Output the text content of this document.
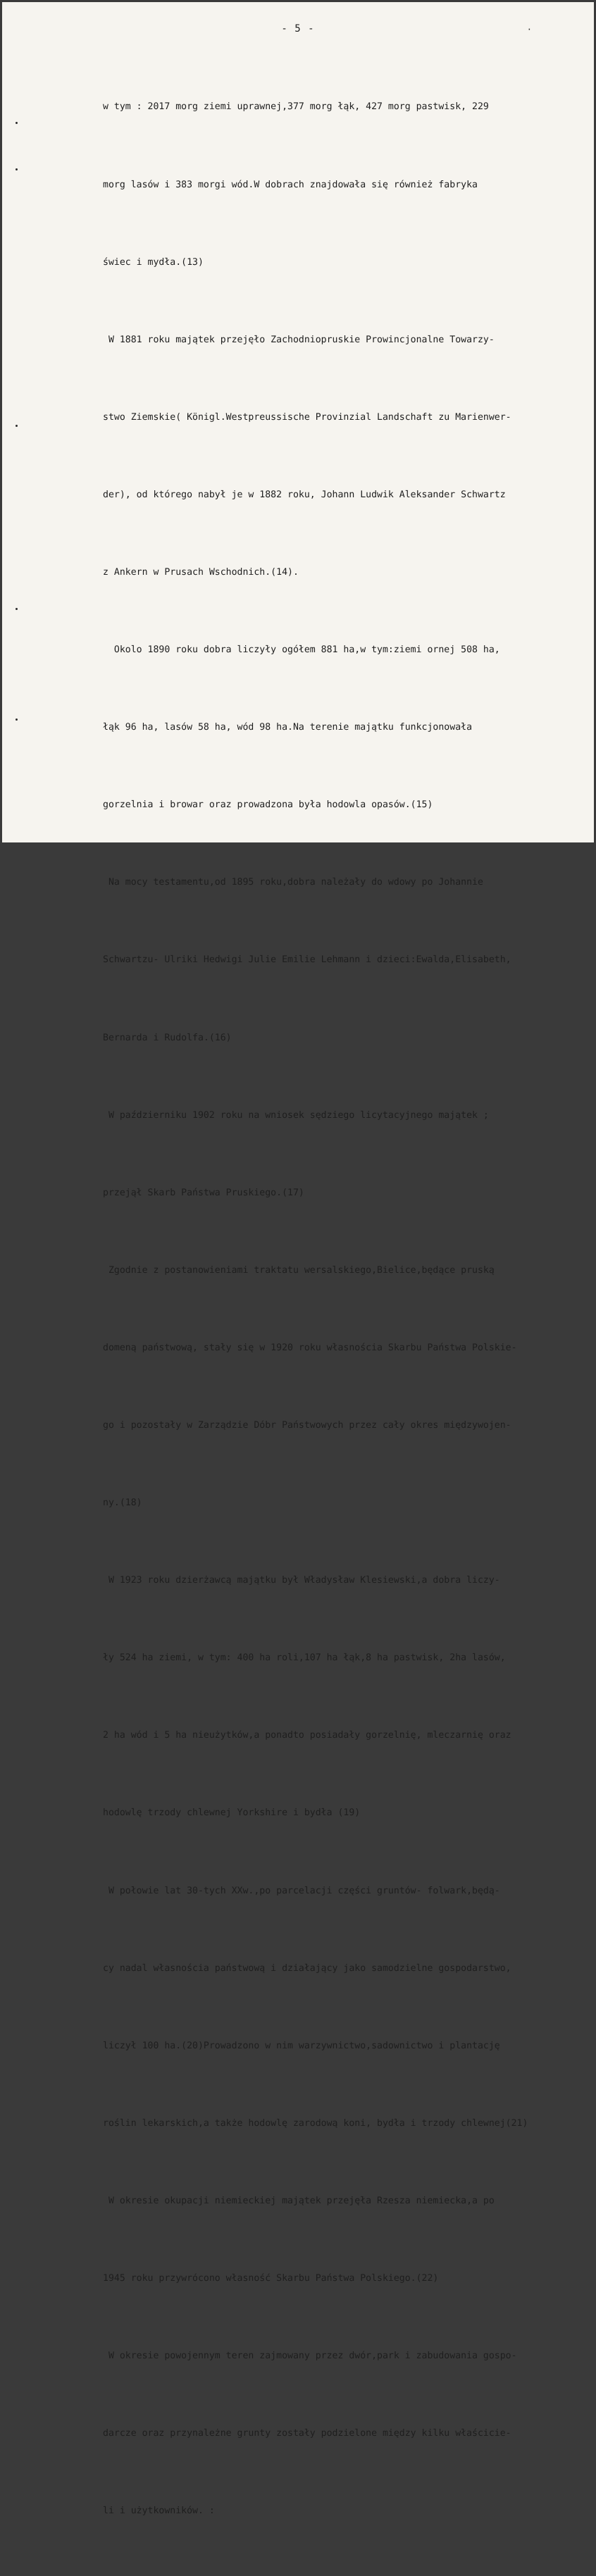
- 5 -	·

w tym : 2017 morg ziemi uprawnej,377 morg łąk, 427 morg pastwisk, 229

morg lasów i 383 morgi wód.W dobrach znajdowała się również fabryka

świec i mydła.(13)

W 1881 roku majątek przejęło Zachodniopruskie Prowincjonalne Towarzy-

stwo Ziemskie( Königl.Westpreussische Provinzial Landschaft zu Marienwer-

der), od którego nabył je w 1882 roku, Johann Ludwik Aleksander Schwartz

z Ankern w Prusach Wschodnich.(14).

Okolo 1890 roku dobra liczyły ogółem 881 ha,w tym:ziemi ornej 508 ha,

łąk 96 ha, lasów 58 ha, wód 98 ha.Na terenie majątku funkcjonowała

gorzelnia i browar oraz prowadzona była hodowla opasów.(15)

Na mocy testamentu,od 1895 roku,dobra należały do wdowy po Johannie

Schwartzu- Ulriki Hedwigi Julie Emilie Lehmann i dzieci:Ewalda,Elisabeth,

Bernarda i Rudolfa.(16)

W październiku 1902 roku na wniosek sędziego licytacyjnego majątek ;

przejął Skarb Państwa Pruskiego.(17)

Zgodnie z postanowieniami traktatu wersalskiego,Bielice,będące pruską

domeną państwową, stały się w 1920 roku własnościa Skarbu Państwa Polskie-

go i pozostały w Zarządzie Dóbr Państwowych przez cały okres międzywojen-

ny.(18)

W 1923 roku dzierżawcą majątku był Władysław Klesiewski,a dobra liczy-

ły 524 ha ziemi, w tym: 400 ha roli,107 ha łąk,8 ha pastwisk, 2ha lasów,

2 ha wód i 5 ha nieużytków,a ponadto posiadały gorzelnię, mleczarnię oraz

hodowlę trzody chlewnej Yorkshire i bydła (19)

W połowie lat 30-tych XXw.,po parcelacji części gruntów- folwark,będą-

cy nadal własnościa państwową i działający jako samodzielne gospodarstwo,

liczył 100 ha.(20)Prowadzono w nim warzywnictwo,sadownictwo i plantację

roślin lekarskich,a także hodowlę zarodową koni, bydła i trzody chlewnej(21)

W okresie okupacji niemieckiej majątek przejęła Rzesza niemiecka,a po

1945 roku przywrócono własność Skarbu Państwa Polskiego.(22)

W okresie powojennym teren zajmowany przez dwór,park i zabudowania gospo-

darcze oraz przynależne grunty zostały podzielone między kilku właścicie-

li i użytkowników. :
